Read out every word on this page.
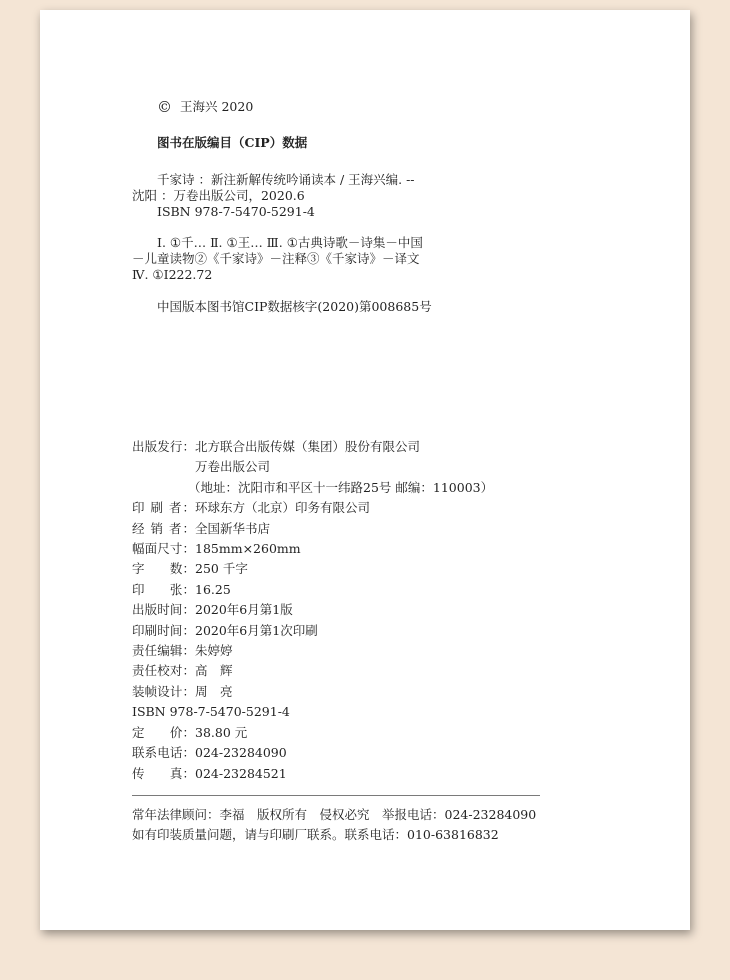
© 王海兴 2020
图书在版编目（CIP）数据
千家诗 ：新注新解传统吟诵读本 / 王海兴编. --
沈阳 ：万卷出版公司，2020.6
ISBN 978-7-5470-5291-4
Ⅰ. ①千… Ⅱ. ①王… Ⅲ. ①古典诗歌－诗集－中国
－儿童读物②《千家诗》－注释③《千家诗》－译文
Ⅳ. ①I222.72
中国版本图书馆CIP数据核字(2020)第008685号
出版发行：北方联合出版传媒（集团）股份有限公司
万卷出版公司
（地址：沈阳市和平区十一纬路25号 邮编：110003）
印 刷 者：环球东方（北京）印务有限公司
经 销 者：全国新华书店
幅面尺寸：185mm×260mm
字　　数：250 千字
印　　张：16.25
出版时间：2020年6月第1版
印刷时间：2020年6月第1次印刷
责任编辑：朱婷婷
责任校对：高　辉
装帧设计：周　亮
ISBN 978-7-5470-5291-4
定　　价：38.80 元
联系电话：024-23284090
传　　真：024-23284521
常年法律顾问：李福　版权所有　侵权必究　举报电话：024-23284090
如有印装质量问题，请与印刷厂联系。联系电话：010-63816832
